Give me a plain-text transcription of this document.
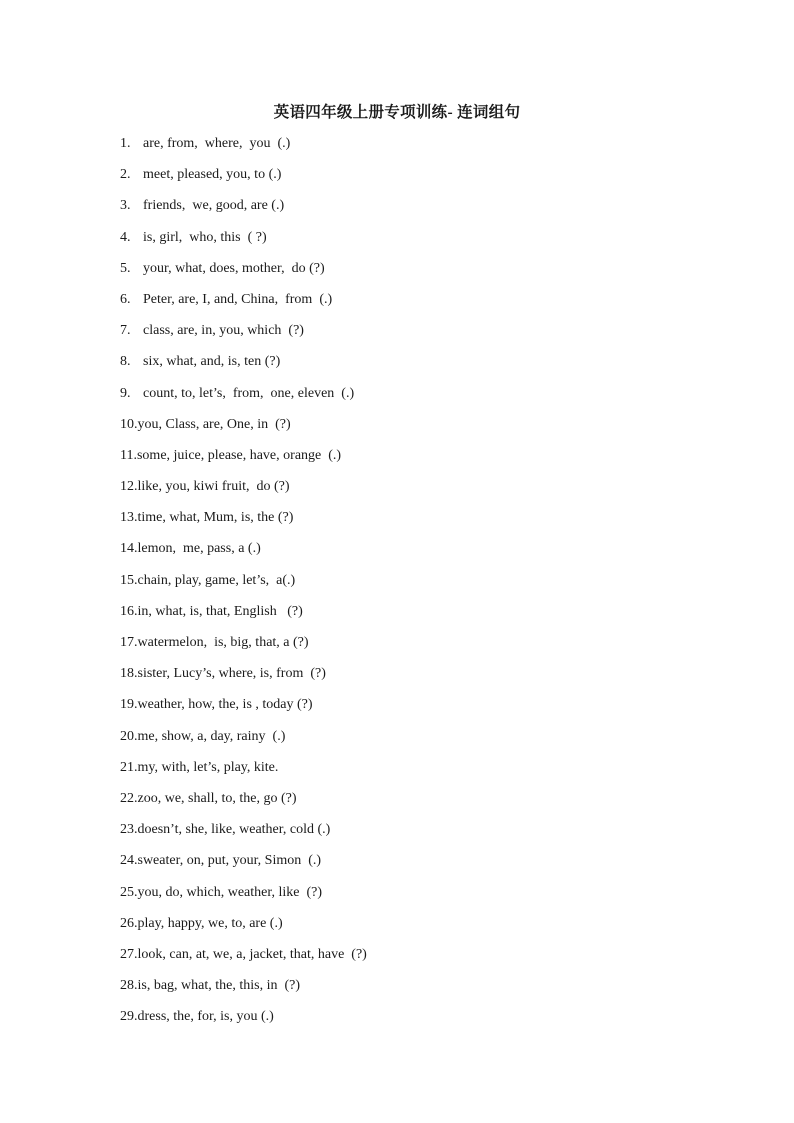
英语四年级上册专项训练- 连词组句
1. are, from,  where,  you  (.)
2. meet, pleased, you, to (.)
3. friends,  we, good, are (.)
4. is, girl,  who, this  ( ?)
5. your, what, does, mother,  do (?)
6. Peter, are, I, and, China,  from  (.)
7. class, are, in, you, which  (?)
8. six, what, and, is, ten (?)
9. count, to, let’s,  from,  one, eleven  (.)
10.you, Class, are, One, in  (?)
11.some, juice, please, have, orange  (.)
12.like, you, kiwi fruit,  do (?)
13.time, what, Mum, is, the (?)
14.lemon,  me, pass, a (.)
15.chain, play, game, let’s,  a(.)
16.in, what, is, that, English   (?)
17.watermelon,  is, big, that, a (?)
18.sister, Lucy’s, where, is, from  (?)
19.weather, how, the, is , today (?)
20.me, show, a, day, rainy  (.)
21.my, with, let’s, play, kite.
22.zoo, we, shall, to, the, go (?)
23.doesn’t, she, like, weather, cold (.)
24.sweater, on, put, your, Simon  (.)
25.you, do, which, weather, like  (?)
26.play, happy, we, to, are (.)
27.look, can, at, we, a, jacket, that, have  (?)
28.is, bag, what, the, this, in  (?)
29.dress, the, for, is, you (.)
